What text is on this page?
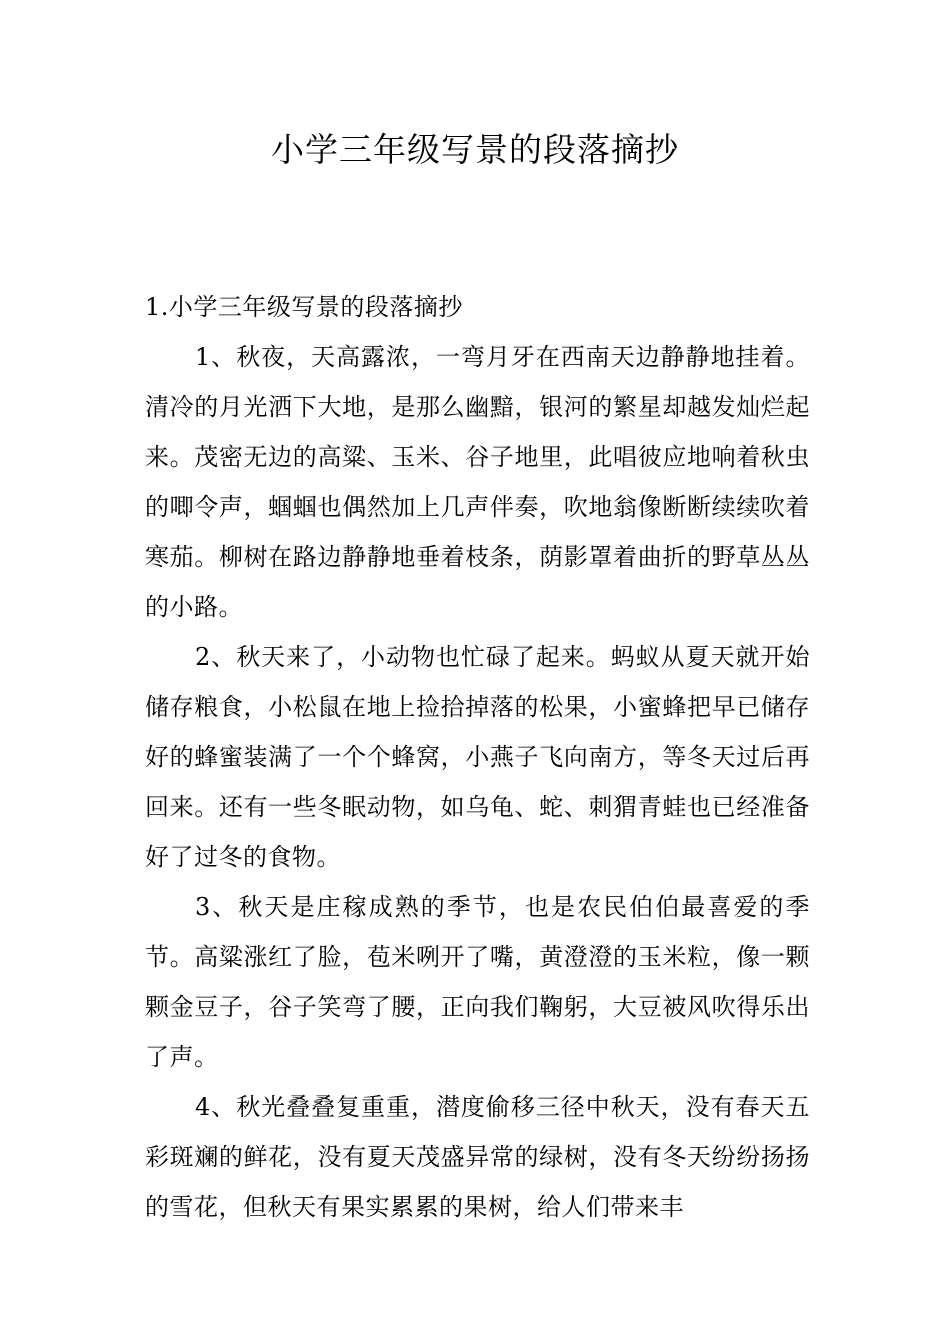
小学三年级写景的段落摘抄

1.小学三年级写景的段落摘抄

1、秋夜，天高露浓，一弯月牙在西南天边静静地挂着。清冷的月光洒下大地，是那么幽黯，银河的繁星却越发灿烂起来。茂密无边的高粱、玉米、谷子地里，此唱彼应地响着秋虫的唧令声，蝈蝈也偶然加上几声伴奏，吹地翁像断断续续吹着寒茄。柳树在路边静静地垂着枝条，荫影罩着曲折的野草丛丛的小路。

2、秋天来了，小动物也忙碌了起来。蚂蚁从夏天就开始储存粮食，小松鼠在地上捡拾掉落的松果，小蜜蜂把早已储存好的蜂蜜装满了一个个蜂窝，小燕子飞向南方，等冬天过后再回来。还有一些冬眠动物，如乌龟、蛇、刺猬青蛙也已经准备好了过冬的食物。

3、秋天是庄稼成熟的季节，也是农民伯伯最喜爱的季节。高粱涨红了脸，苞米咧开了嘴，黄澄澄的玉米粒，像一颗颗金豆子，谷子笑弯了腰，正向我们鞠躬，大豆被风吹得乐出了声。

4、秋光叠叠复重重，潜度偷移三径中秋天，没有春天五彩斑斓的鲜花，没有夏天茂盛异常的绿树，没有冬天纷纷扬扬的雪花，但秋天有果实累累的果树，给人们带来丰
